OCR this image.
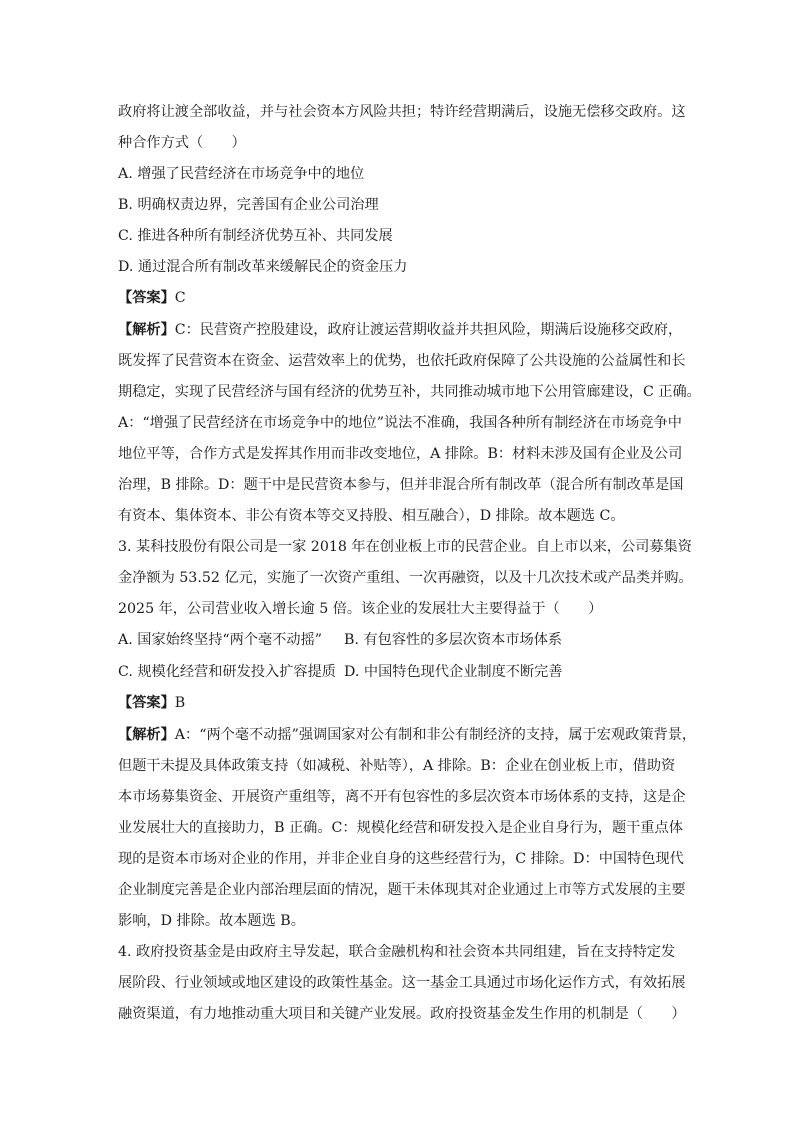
政府将让渡全部收益，并与社会资本方风险共担；特许经营期满后，设施无偿移交政府。这
种合作方式（　　）
A. 增强了民营经济在市场竞争中的地位
B. 明确权责边界，完善国有企业公司治理
C. 推进各种所有制经济优势互补、共同发展
D. 通过混合所有制改革来缓解民企的资金压力
【答案】C
【解析】C：民营资产控股建设，政府让渡运营期收益并共担风险，期满后设施移交政府，
既发挥了民营资本在资金、运营效率上的优势，也依托政府保障了公共设施的公益属性和长
期稳定，实现了民营经济与国有经济的优势互补，共同推动城市地下公用管廊建设，C 正确。
A：“增强了民营经济在市场竞争中的地位”说法不准确，我国各种所有制经济在市场竞争中
地位平等，合作方式是发挥其作用而非改变地位，A 排除。B：材料未涉及国有企业及公司
治理，B 排除。D：题干中是民营资本参与，但并非混合所有制改革（混合所有制改革是国
有资本、集体资本、非公有资本等交叉持股、相互融合），D 排除。故本题选 C。
3. 某科技股份有限公司是一家 2018 年在创业板上市的民营企业。自上市以来，公司募集资
金净额为 53.52 亿元，实施了一次资产重组、一次再融资，以及十几次技术或产品类并购。
2025 年，公司营业收入增长逾 5 倍。该企业的发展壮大主要得益于（　　）
A. 国家始终坚持“两个毫不动摇” B. 有包容性的多层次资本市场体系
C. 规模化经营和研发投入扩容提质 D. 中国特色现代企业制度不断完善
【答案】B
【解析】A：“两个毫不动摇”强调国家对公有制和非公有制经济的支持，属于宏观政策背景，
但题干未提及具体政策支持（如减税、补贴等），A 排除。B：企业在创业板上市，借助资
本市场募集资金、开展资产重组等，离不开有包容性的多层次资本市场体系的支持，这是企
业发展壮大的直接助力，B 正确。C：规模化经营和研发投入是企业自身行为，题干重点体
现的是资本市场对企业的作用，并非企业自身的这些经营行为，C 排除。D：中国特色现代
企业制度完善是企业内部治理层面的情况，题干未体现其对企业通过上市等方式发展的主要
影响，D 排除。故本题选 B。
4. 政府投资基金是由政府主导发起，联合金融机构和社会资本共同组建，旨在支持特定发
展阶段、行业领域或地区建设的政策性基金。这一基金工具通过市场化运作方式，有效拓展
融资渠道，有力地推动重大项目和关键产业发展。政府投资基金发生作用的机制是（　　）
